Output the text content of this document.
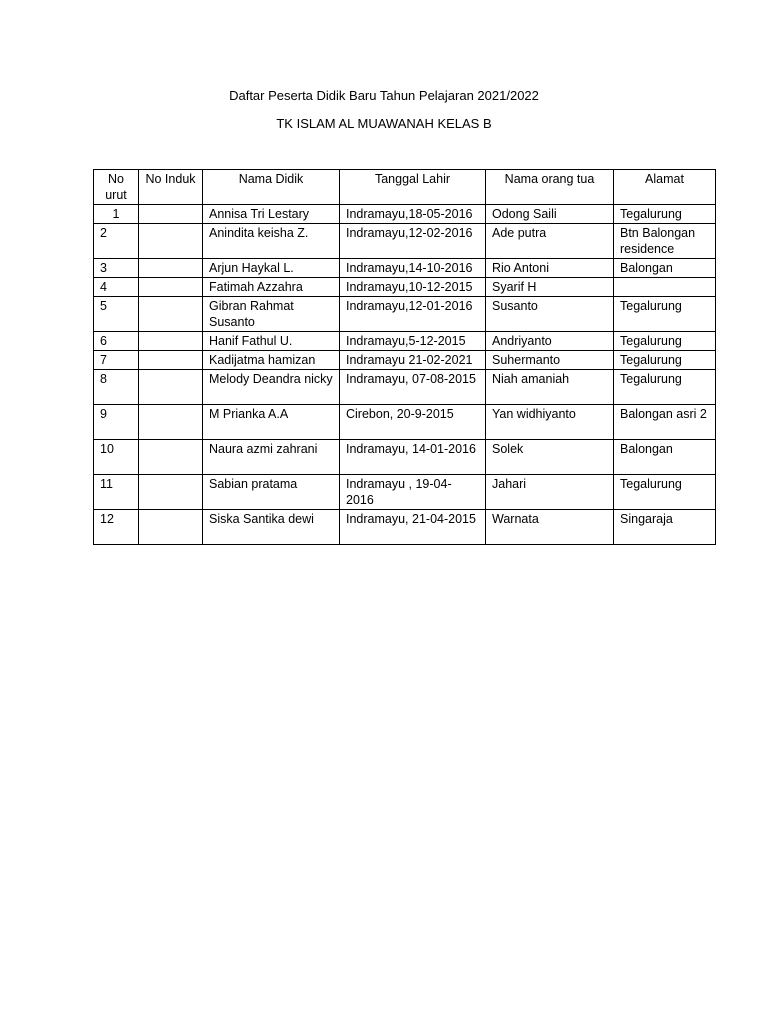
Daftar Peserta Didik Baru Tahun Pelajaran 2021/2022
TK ISLAM AL MUAWANAH KELAS B
No urut	No Induk	Nama Didik	Tanggal Lahir	Nama orang tua	Alamat
1		Annisa Tri Lestary	Indramayu,18-05-2016	Odong Saili	Tegalurung
2		Anindita keisha Z.	Indramayu,12-02-2016	Ade putra	Btn Balongan residence
3		Arjun Haykal L.	Indramayu,14-10-2016	Rio Antoni	Balongan
4		Fatimah Azzahra	Indramayu,10-12-2015	Syarif H	
5		Gibran Rahmat Susanto	Indramayu,12-01-2016	Susanto	Tegalurung
6		Hanif Fathul U.	Indramayu,5-12-2015	Andriyanto	Tegalurung
7		Kadijatma hamizan	Indramayu 21-02-2021	Suhermanto	Tegalurung
8		Melody Deandra nicky	Indramayu, 07-08-2015	Niah amaniah	Tegalurung
9		M Prianka A.A	Cirebon, 20-9-2015	Yan widhiyanto	Balongan asri 2
10		Naura azmi zahrani	Indramayu, 14-01-2016	Solek	Balongan
11		Sabian pratama	Indramayu , 19-04-2016	Jahari	Tegalurung
12		Siska Santika dewi	Indramayu, 21-04-2015	Warnata	Singaraja
